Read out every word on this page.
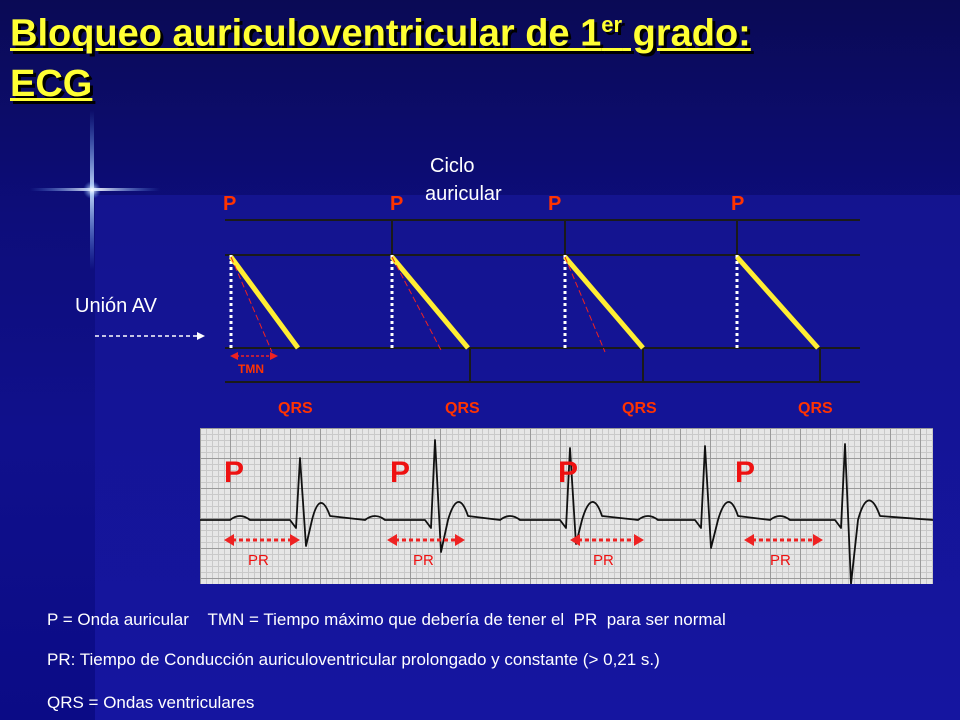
Bloqueo auriculoventricular de 1er grado:
ECG
Ciclo
auricular
Unión AV
P	P	P	P
TMN
QRS	QRS	QRS	QRS
P	P	P	P
PR	PR	PR	PR
P = Onda auricular    TMN = Tiempo máximo que debería de tener el  PR  para ser normal
PR: Tiempo de Conducción auriculoventricular prolongado y constante (> 0,21 s.)
QRS = Ondas ventriculares
